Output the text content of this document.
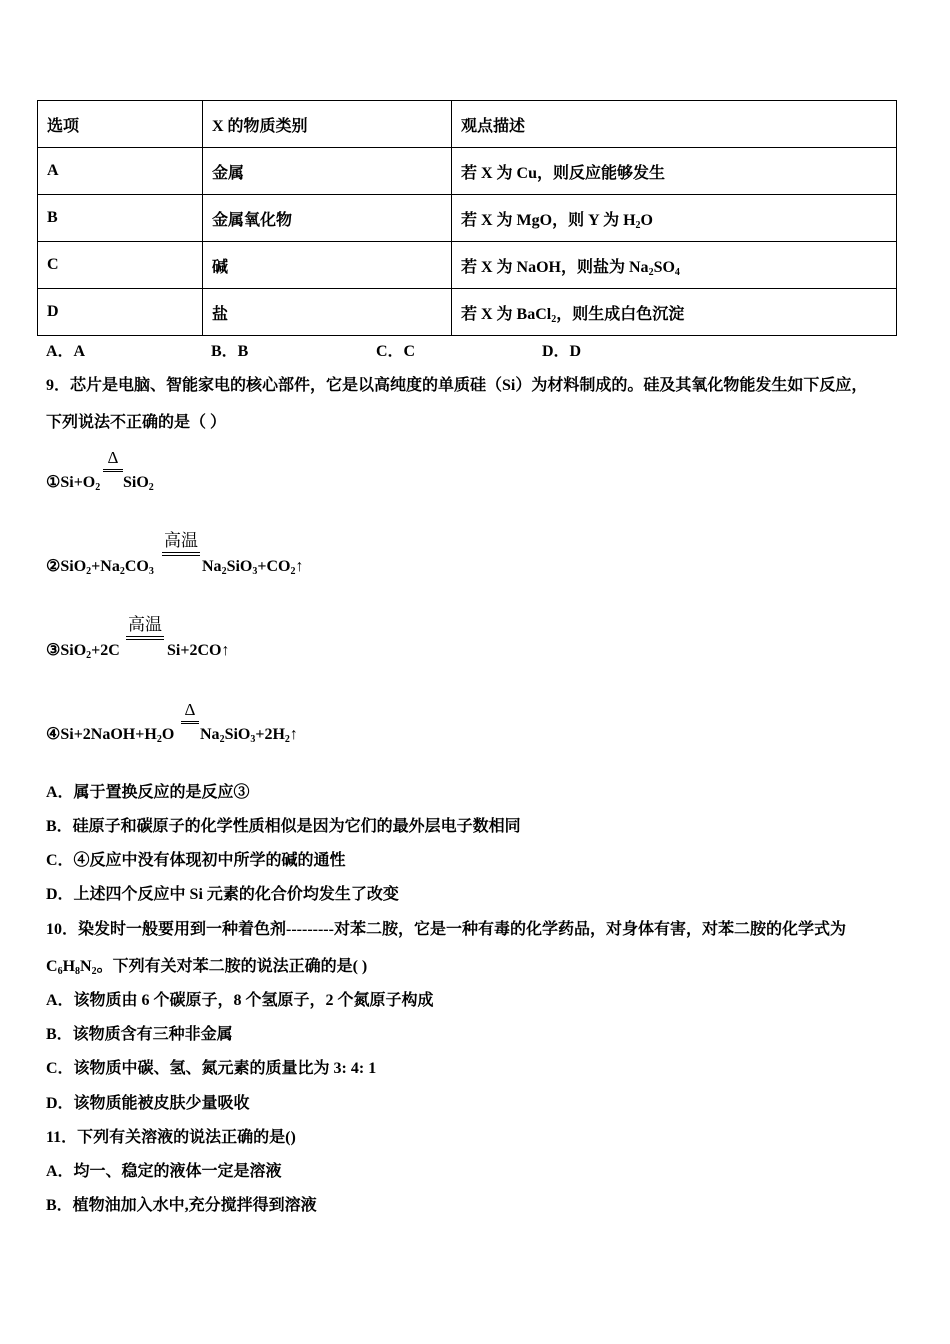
选项	X 的物质类别	观点描述
A	金属	若 X 为 Cu，则反应能够发生
B	金属氧化物	若 X 为 MgO，则 Y 为 $H_2O$
C	碱	若 X 为 NaOH，则盐为 $Na_2SO_4$
D	盐	若 X 为 BaCl$_2$，则生成白色沉淀
A．A	B．B	C．C	D．D
9．芯片是电脑、智能家电的核心部件，它是以高纯度的单质硅（Si）为材料制成的。硅及其氧化物能发生如下反应，
下列说法不正确的是（ ）
$①Si+O_2$
Δ
SiO$_2$
$②SiO_2+Na_2CO_3$
高温
$Na_2SiO_3+CO_2↑$
③SiO$_2$+2C
高温
Si+2CO↑
$④Si+2NaOH+H_2O$
Δ
$Na_2SiO_3+2H_2↑$
A．属于置换反应的是反应③
B．硅原子和碳原子的化学性质相似是因为它们的最外层电子数相同
C．④反应中没有体现初中所学的碱的通性
D．上述四个反应中 Si 元素的化合价均发生了改变
10．染发时一般要用到一种着色剂---------对苯二胺，它是一种有毒的化学药品，对身体有害，对苯二胺的化学式为
$C_6H_8N_2$。下列有关对苯二胺的说法正确的是( )
A．该物质由 6 个碳原子，8 个氢原子，2 个氮原子构成
B．该物质含有三种非金属
C．该物质中碳、氢、氮元素的质量比为 3: 4: 1
D．该物质能被皮肤少量吸收
11．下列有关溶液的说法正确的是()
A．均一、稳定的液体一定是溶液
B．植物油加入水中,充分搅拌得到溶液
